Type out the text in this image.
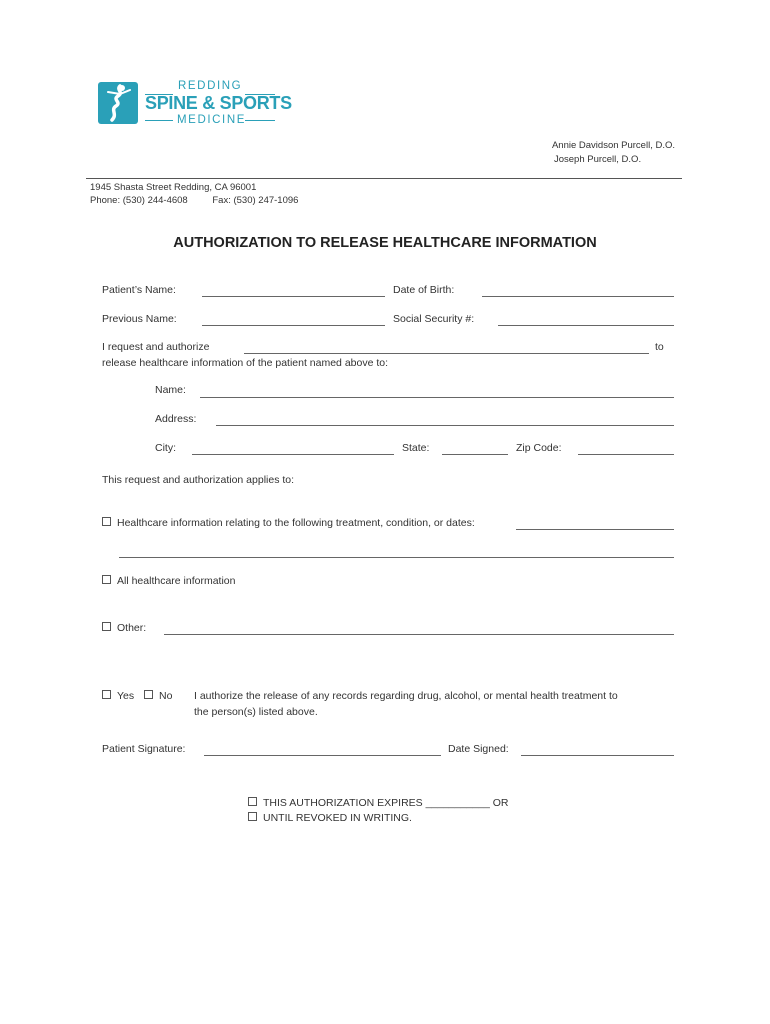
REDDING
SPINE & SPORTS
MEDICINE
Annie Davidson Purcell, D.O.
Joseph Purcell, D.O.
1945 Shasta Street Redding, CA 96001
Phone: (530) 244-4608	Fax: (530) 247-1096
AUTHORIZATION TO RELEASE HEALTHCARE INFORMATION
Patient’s Name:	Date of Birth:
Previous Name:	Social Security #:
I request and authorize	to
release healthcare information of the patient named above to:
Name:
Address:
City:	State:	Zip Code:
This request and authorization applies to:
Healthcare information relating to the following treatment, condition, or dates:
All healthcare information
Other:
Yes	No I authorize the release of any records regarding drug, alcohol, or mental health treatment to
the person(s) listed above.
Patient Signature:	Date Signed:
THIS AUTHORIZATION EXPIRES ___________ OR
UNTIL REVOKED IN WRITING.
